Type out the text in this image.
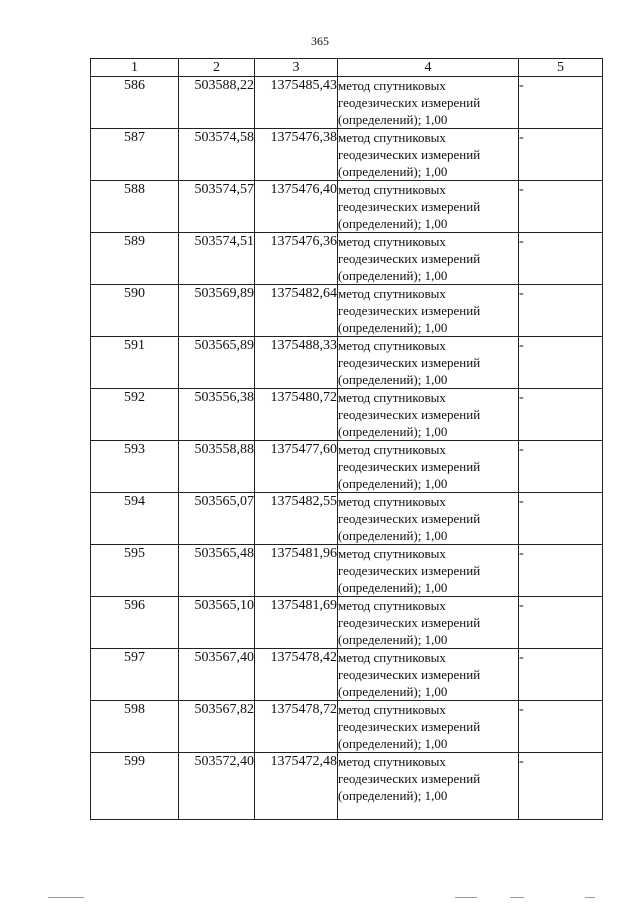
365
1	2	3	4	5
586	503588,22	1375485,43	метод спутниковых
геодезических измерений
(определений); 1,00	-
587	503574,58	1375476,38	метод спутниковых
геодезических измерений
(определений); 1,00	-
588	503574,57	1375476,40	метод спутниковых
геодезических измерений
(определений); 1,00	-
589	503574,51	1375476,36	метод спутниковых
геодезических измерений
(определений); 1,00	-
590	503569,89	1375482,64	метод спутниковых
геодезических измерений
(определений); 1,00	-
591	503565,89	1375488,33	метод спутниковых
геодезических измерений
(определений); 1,00	-
592	503556,38	1375480,72	метод спутниковых
геодезических измерений
(определений); 1,00	-
593	503558,88	1375477,60	метод спутниковых
геодезических измерений
(определений); 1,00	-
594	503565,07	1375482,55	метод спутниковых
геодезических измерений
(определений); 1,00	-
595	503565,48	1375481,96	метод спутниковых
геодезических измерений
(определений); 1,00	-
596	503565,10	1375481,69	метод спутниковых
геодезических измерений
(определений); 1,00	-
597	503567,40	1375478,42	метод спутниковых
геодезических измерений
(определений); 1,00	-
598	503567,82	1375478,72	метод спутниковых
геодезических измерений
(определений); 1,00	-
599	503572,40	1375472,48	метод спутниковых
геодезических измерений
(определений); 1,00	-
